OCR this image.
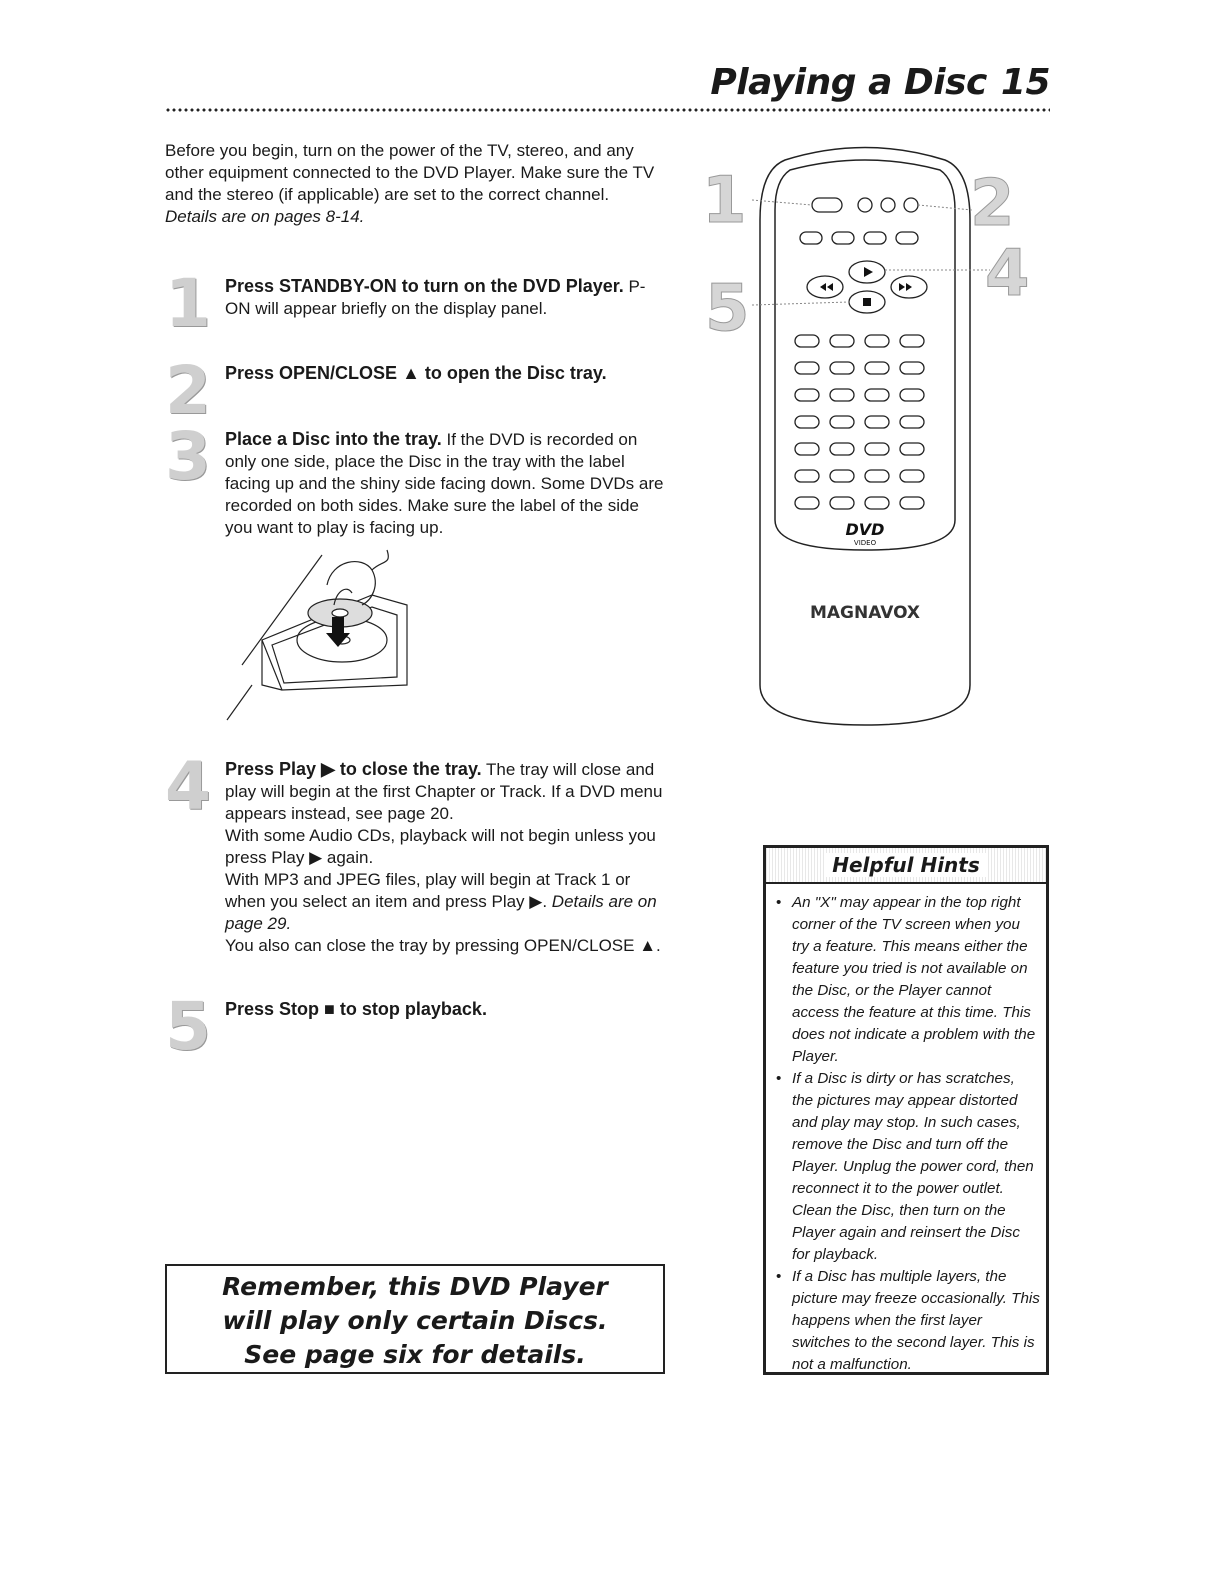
Playing a Disc 15
Before you begin, turn on the power of the TV, stereo, and any other equipment connected to the DVD Player. Make sure the TV and the stereo (if applicable) are set to the correct channel. Details are on pages 8-14.
1 Press STANDBY-ON to turn on the DVD Player. P-ON will appear briefly on the display panel.
2 Press OPEN/CLOSE ▲ to open the Disc tray.
3 Place a Disc into the tray. If the DVD is recorded on only one side, place the Disc in the tray with the label facing up and the shiny side facing down. Some DVDs are recorded on both sides. Make sure the label of the side you want to play is facing up.
1	2
4
5
DVD
VIDEO
MAGNAVOX
4 Press Play ▶ to close the tray. The tray will close and play will begin at the first Chapter or Track. If a DVD menu appears instead, see page 20.
With some Audio CDs, playback will not begin unless you press Play ▶ again.
With MP3 and JPEG files, play will begin at Track 1 or when you select an item and press Play ▶. Details are on page 29.
You also can close the tray by pressing OPEN/CLOSE ▲.
5 Press Stop ■ to stop playback.
Remember, this DVD Player
will play only certain Discs.
See page six for details.
Helpful Hints
• An "X" may appear in the top right corner of the TV screen when you try a feature. This means either the feature you tried is not available on the Disc, or the Player cannot access the feature at this time. This does not indicate a problem with the Player.
• If a Disc is dirty or has scratches, the pictures may appear distorted and play may stop. In such cases, remove the Disc and turn off the Player. Unplug the power cord, then reconnect it to the power outlet. Clean the Disc, then turn on the Player again and reinsert the Disc for playback.
• If a Disc has multiple layers, the picture may freeze occasionally. This happens when the first layer switches to the second layer. This is not a malfunction.
